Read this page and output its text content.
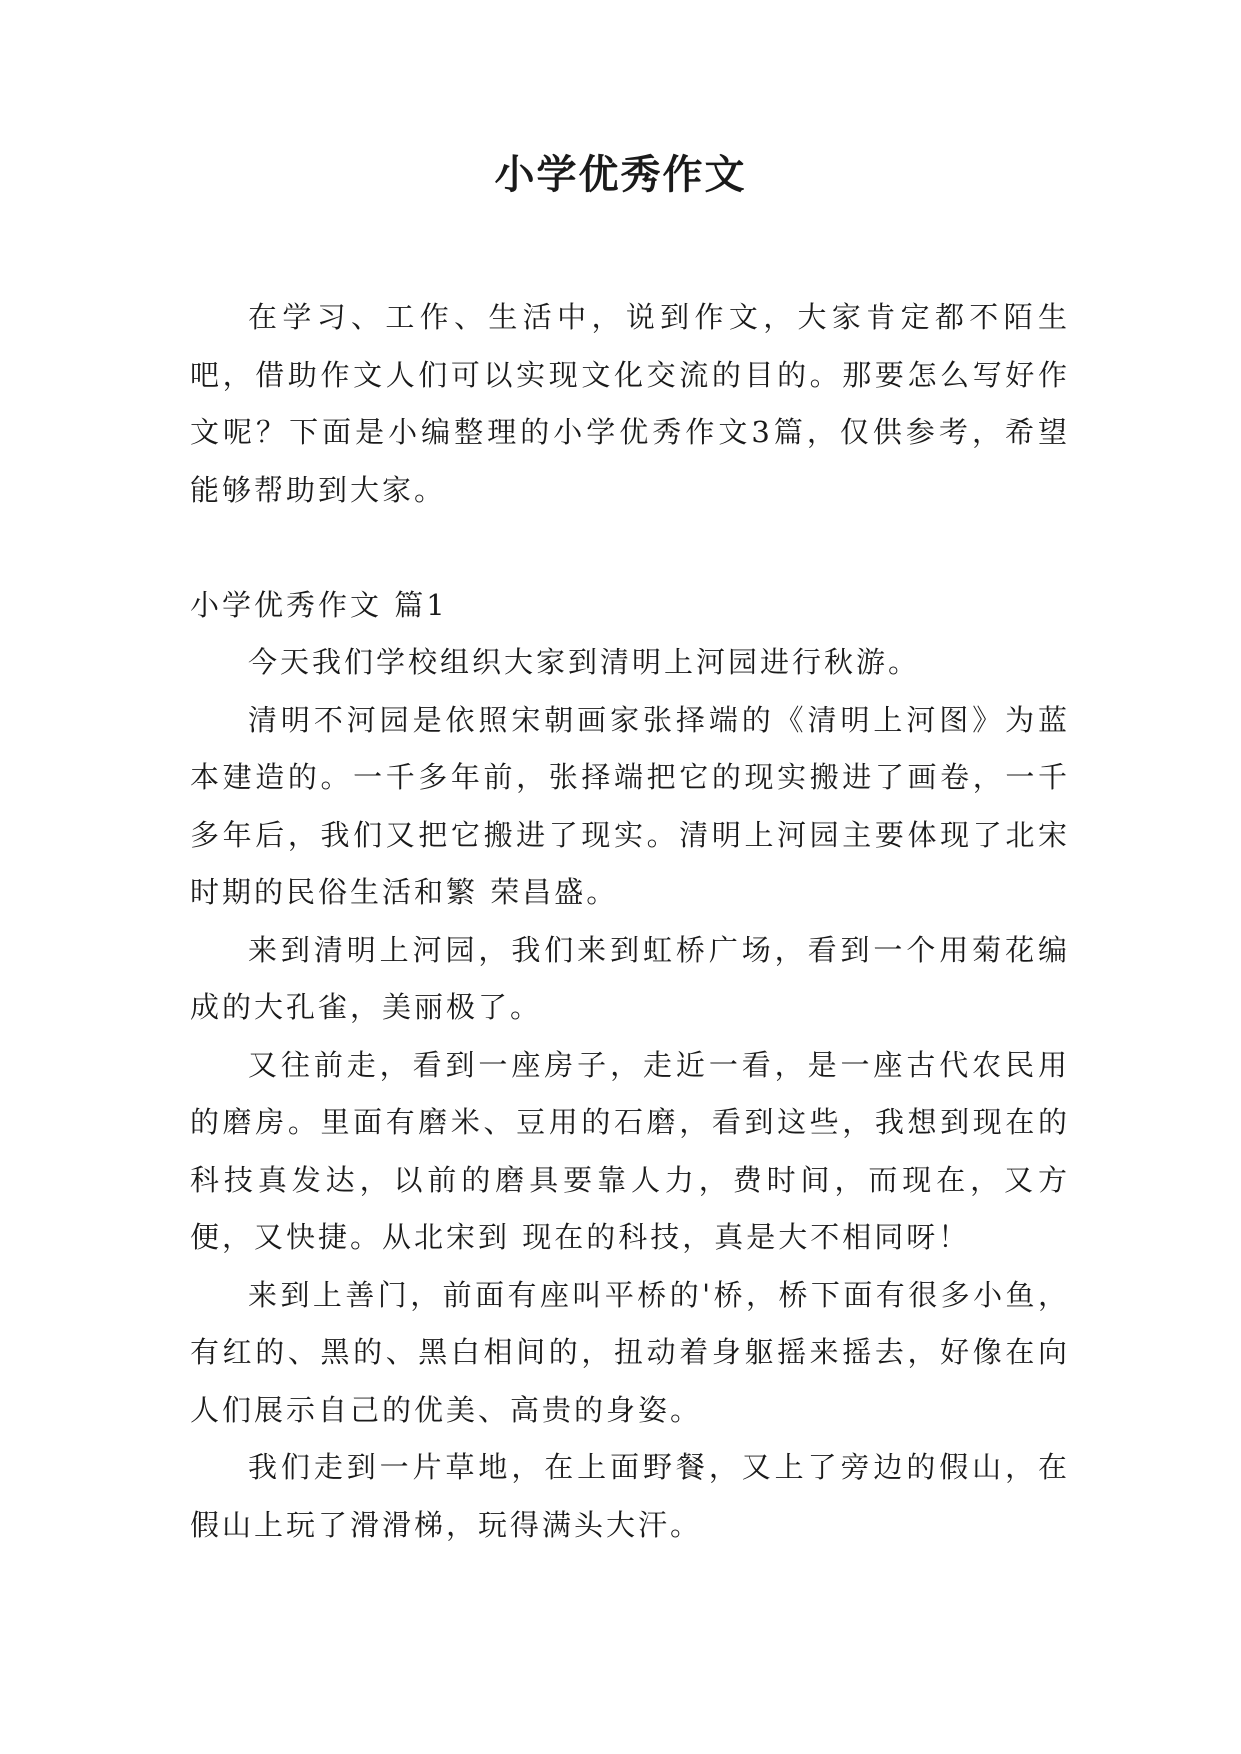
小学优秀作文

在学习、工作、生活中，说到作文，大家肯定都不陌生吧，借助作文人们可以实现文化交流的目的。那要怎么写好作文呢？下面是小编整理的小学优秀作文3篇，仅供参考，希望能够帮助到大家。

小学优秀作文 篇1

今天我们学校组织大家到清明上河园进行秋游。

清明不河园是依照宋朝画家张择端的《清明上河图》为蓝本建造的。一千多年前，张择端把它的现实搬进了画卷，一千多年后，我们又把它搬进了现实。清明上河园主要体现了北宋时期的民俗生活和繁 荣昌盛。

来到清明上河园，我们来到虹桥广场，看到一个用菊花编成的大孔雀，美丽极了。

又往前走，看到一座房子，走近一看，是一座古代农民用的磨房。里面有磨米、豆用的石磨，看到这些，我想到现在的科技真发达，以前的磨具要靠人力，费时间，而现在，又方便，又快捷。从北宋到 现在的科技，真是大不相同呀！

来到上善门，前面有座叫平桥的'桥，桥下面有很多小鱼，有红的、黑的、黑白相间的，扭动着身躯摇来摇去，好像在向人们展示自己的优美、高贵的身姿。

我们走到一片草地，在上面野餐，又上了旁边的假山，在假山上玩了滑滑梯，玩得满头大汗。
